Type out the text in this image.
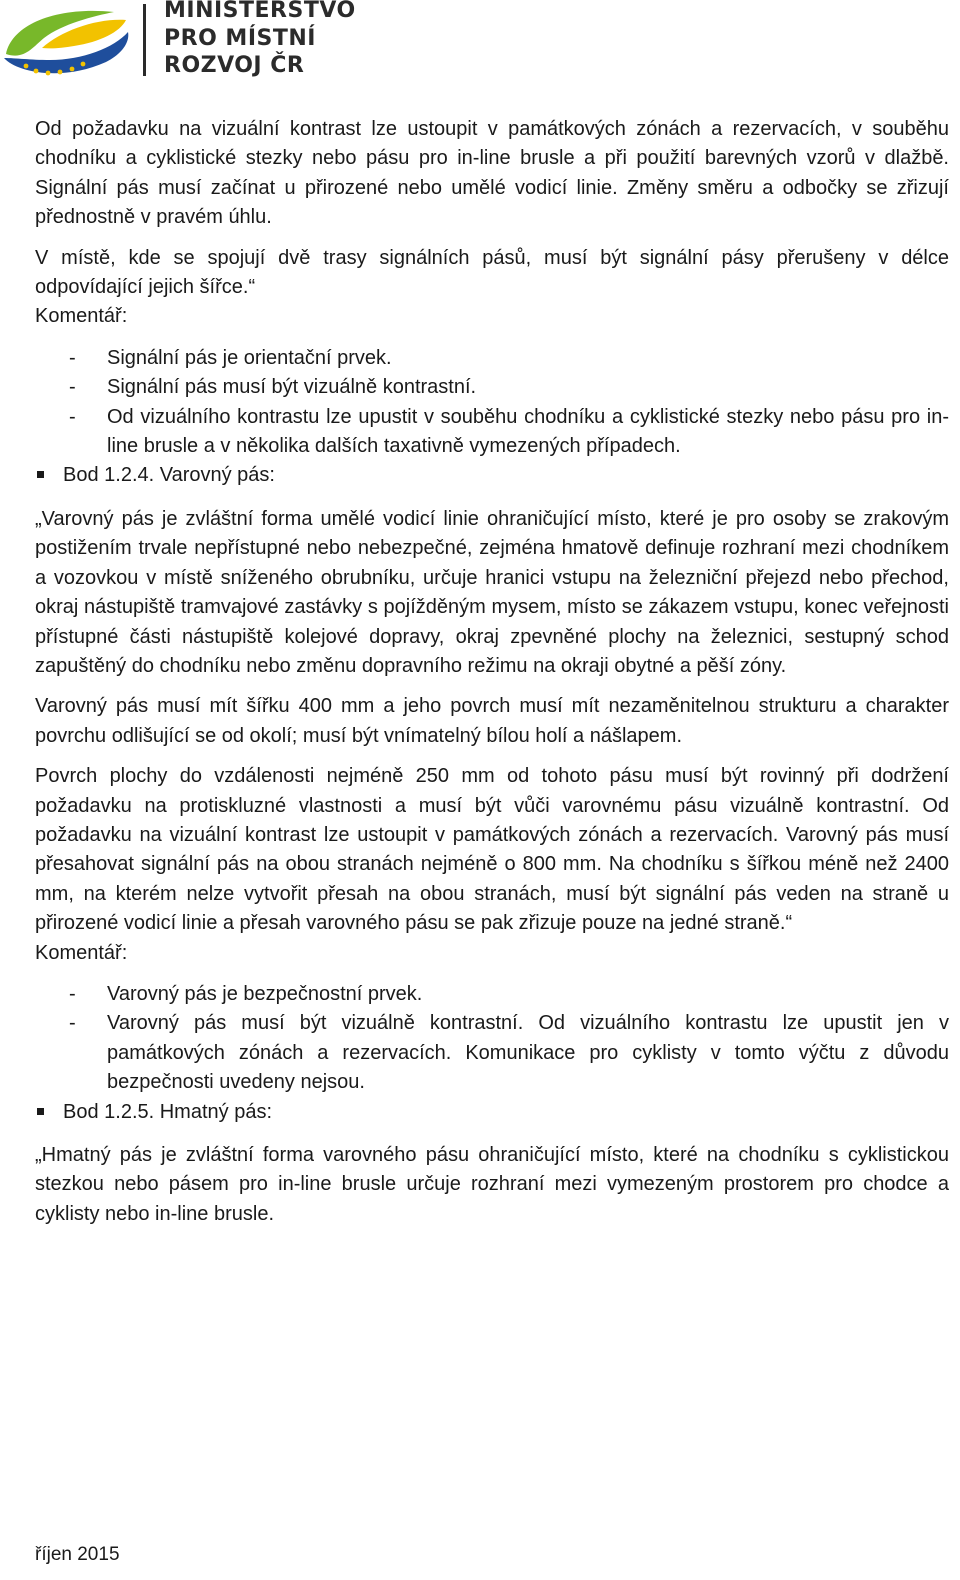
MINISTERSTVO
PRO MÍSTNÍ
ROZVOJ ČR

Od požadavku na vizuální kontrast lze ustoupit v památkových zónách a rezervacích, v souběhu chodníku a cyklistické stezky nebo pásu pro in-line brusle a při použití barevných vzorů v dlažbě. Signální pás musí začínat u přirozené nebo umělé vodicí linie. Změny směru a odbočky se zřizují přednostně v pravém úhlu.

V místě, kde se spojují dvě trasy signálních pásů, musí být signální pásy přerušeny v délce odpovídající jejich šířce.“

Komentář:

- Signální pás je orientační prvek.
- Signální pás musí být vizuálně kontrastní.
- Od vizuálního kontrastu lze upustit v souběhu chodníku a cyklistické stezky nebo pásu pro in-line brusle a v několika dalších taxativně vymezených případech.

Bod 1.2.4. Varovný pás:

„Varovný pás je zvláštní forma umělé vodicí linie ohraničující místo, které je pro osoby se zrakovým postižením trvale nepřístupné nebo nebezpečné, zejména hmatově definuje rozhraní mezi chodníkem a vozovkou v místě sníženého obrubníku, určuje hranici vstupu na železniční přejezd nebo přechod, okraj nástupiště tramvajové zastávky s pojížděným mysem, místo se zákazem vstupu, konec veřejnosti přístupné části nástupiště kolejové dopravy, okraj zpevněné plochy na železnici, sestupný schod zapuštěný do chodníku nebo změnu dopravního režimu na okraji obytné a pěší zóny.

Varovný pás musí mít šířku 400 mm a jeho povrch musí mít nezaměnitelnou strukturu a charakter povrchu odlišující se od okolí; musí být vnímatelný bílou holí a nášlapem.

Povrch plochy do vzdálenosti nejméně 250 mm od tohoto pásu musí být rovinný při dodržení požadavku na protiskluzné vlastnosti a musí být vůči varovnému pásu vizuálně kontrastní. Od požadavku na vizuální kontrast lze ustoupit v památkových zónách a rezervacích. Varovný pás musí přesahovat signální pás na obou stranách nejméně o 800 mm. Na chodníku s šířkou méně než 2400 mm, na kterém nelze vytvořit přesah na obou stranách, musí být signální pás veden na straně u přirozené vodicí linie a přesah varovného pásu se pak zřizuje pouze na jedné straně.“

Komentář:

- Varovný pás je bezpečnostní prvek.
- Varovný pás musí být vizuálně kontrastní. Od vizuálního kontrastu lze upustit jen v památkových zónách a rezervacích. Komunikace pro cyklisty v tomto výčtu z důvodu bezpečnosti uvedeny nejsou.

Bod 1.2.5. Hmatný pás:

„Hmatný pás je zvláštní forma varovného pásu ohraničující místo, které na chodníku s cyklistickou stezkou nebo pásem pro in-line brusle určuje rozhraní mezi vymezeným prostorem pro chodce a cyklisty nebo in-line brusle.

říjen 2015
